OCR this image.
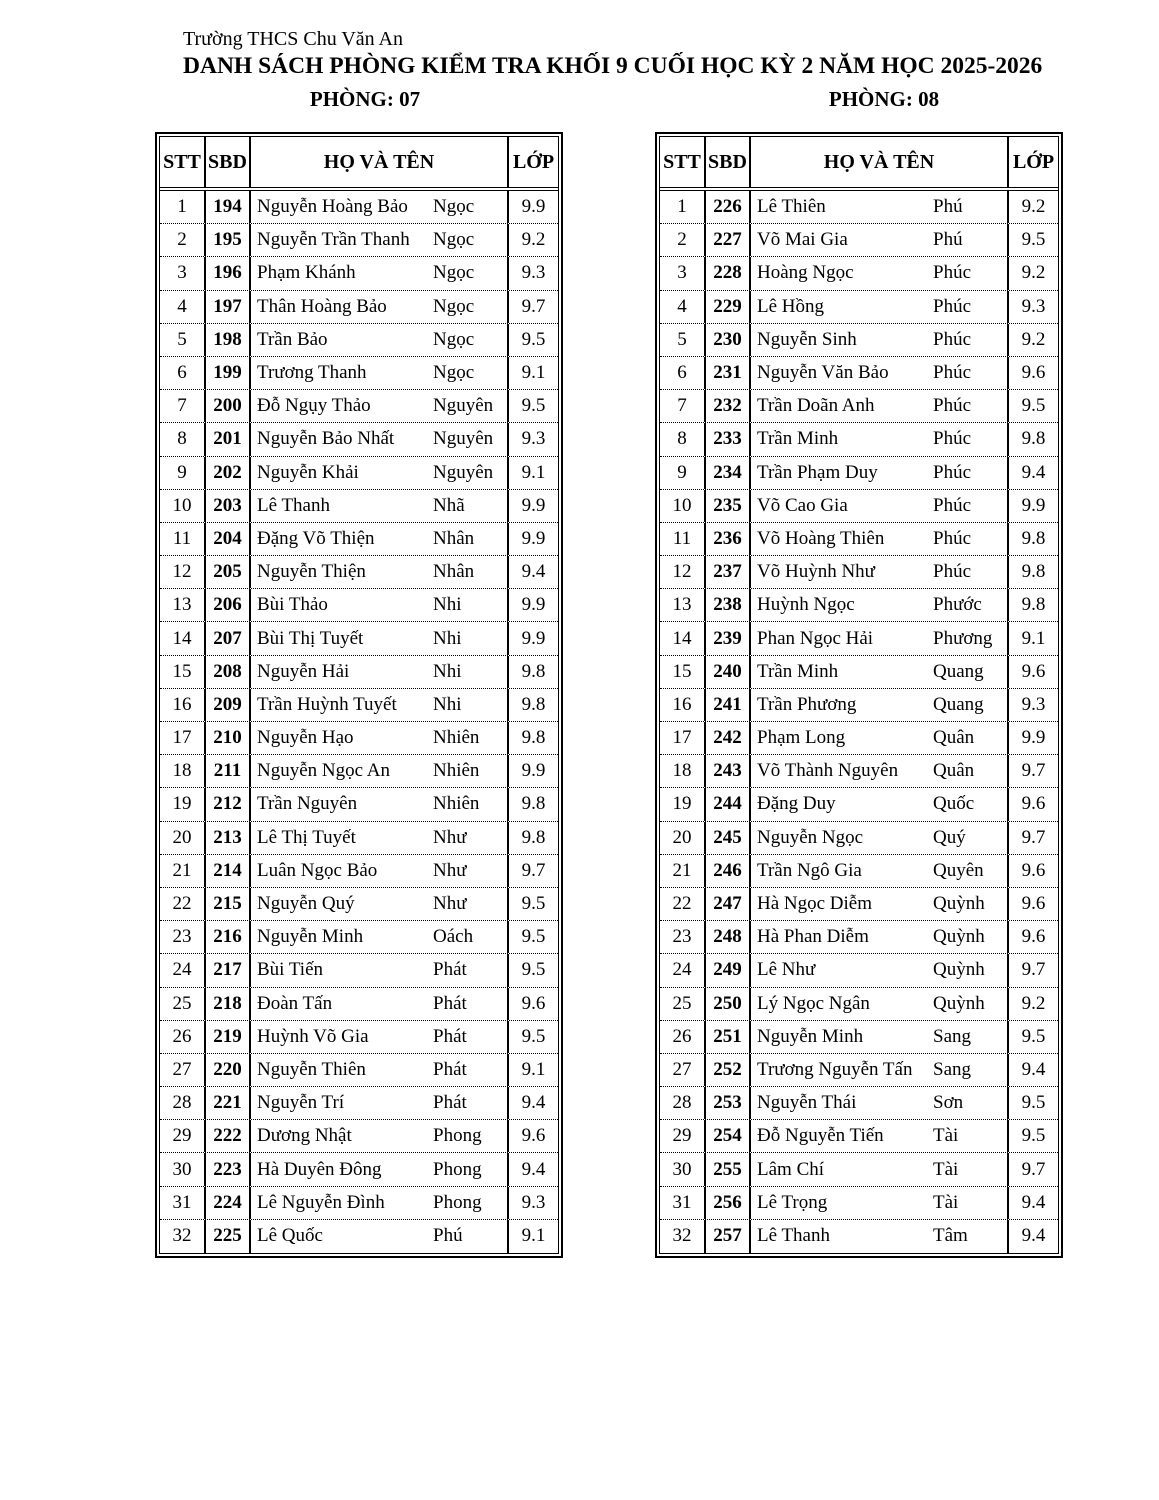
Trường THCS Chu Văn An
DANH SÁCH PHÒNG KIỂM TRA KHỐI 9 CUỐI HỌC KỲ 2 NĂM HỌC 2025-2026
PHÒNG: 07	PHÒNG: 08
STT SBD	HỌ VÀ TÊN	LỚP
1	194 Nguyễn Hoàng Bảo Ngọc	9.9
2	195 Nguyễn Trần Thanh Ngọc	9.2
3	196 Phạm Khánh	Ngọc	9.3
4	197 Thân Hoàng Bảo Ngọc	9.7
5	198 Trần Bảo	Ngọc	9.5
6	199 Trương Thanh	Ngọc	9.1
7	200 Đỗ Ngụy Thảo	Nguyên	9.5
8	201 Nguyễn Bảo Nhất Nguyên	9.3
9	202 Nguyễn Khải	Nguyên	9.1
10	203 Lê Thanh	Nhã	9.9
11	204 Đặng Võ Thiện	Nhân	9.9
12	205 Nguyễn Thiện	Nhân	9.4
13	206 Bùi Thảo	Nhi	9.9
14	207 Bùi Thị Tuyết	Nhi	9.9
15	208 Nguyễn Hải	Nhi	9.8
16	209 Trần Huỳnh Tuyết Nhi	9.8
17	210 Nguyễn Hạo	Nhiên	9.8
18	211 Nguyễn Ngọc An Nhiên	9.9
19	212 Trần Nguyên	Nhiên	9.8
20	213 Lê Thị Tuyết	Như	9.8
21	214 Luân Ngọc Bảo	Như	9.7
22	215 Nguyễn Quý	Như	9.5
23	216 Nguyễn Minh	Oách	9.5
24	217 Bùi Tiến	Phát	9.5
25	218 Đoàn Tấn	Phát	9.6
26	219 Huỳnh Võ Gia	Phát	9.5
27	220 Nguyễn Thiên	Phát	9.1
28	221 Nguyễn Trí	Phát	9.4
29	222 Dương Nhật	Phong	9.6
30	223 Hà Duyên Đông	Phong	9.4
31	224 Lê Nguyễn Đình	Phong	9.3
32	225 Lê Quốc	Phú	9.1
STT SBD	HỌ VÀ TÊN	LỚP
1	226 Lê Thiên	Phú	9.2
2	227 Võ Mai Gia	Phú	9.5
3	228 Hoàng Ngọc	Phúc	9.2
4	229 Lê Hồng	Phúc	9.3
5	230 Nguyễn Sinh	Phúc	9.2
6	231 Nguyễn Văn Bảo Phúc	9.6
7	232 Trần Doãn Anh	Phúc	9.5
8	233 Trần Minh	Phúc	9.8
9	234 Trần Phạm Duy	Phúc	9.4
10	235 Võ Cao Gia	Phúc	9.9
11	236 Võ Hoàng Thiên	Phúc	9.8
12	237 Võ Huỳnh Như	Phúc	9.8
13	238 Huỳnh Ngọc	Phước	9.8
14	239 Phan Ngọc Hải	Phương	9.1
15	240 Trần Minh	Quang	9.6
16	241 Trần Phương	Quang	9.3
17	242 Phạm Long	Quân	9.9
18	243 Võ Thành Nguyên Quân	9.7
19	244 Đặng Duy	Quốc	9.6
20	245 Nguyễn Ngọc	Quý	9.7
21	246 Trần Ngô Gia	Quyên	9.6
22	247 Hà Ngọc Diễm	Quỳnh	9.6
23	248 Hà Phan Diễm	Quỳnh	9.6
24	249 Lê Như	Quỳnh	9.7
25	250 Lý Ngọc Ngân	Quỳnh	9.2
26	251 Nguyễn Minh	Sang	9.5
27	252 Trương Nguyễn Tấn Sang	9.4
28	253 Nguyễn Thái	Sơn	9.5
29	254 Đỗ Nguyễn Tiến	Tài	9.5
30	255 Lâm Chí	Tài	9.7
31	256 Lê Trọng	Tài	9.4
32	257 Lê Thanh	Tâm	9.4
